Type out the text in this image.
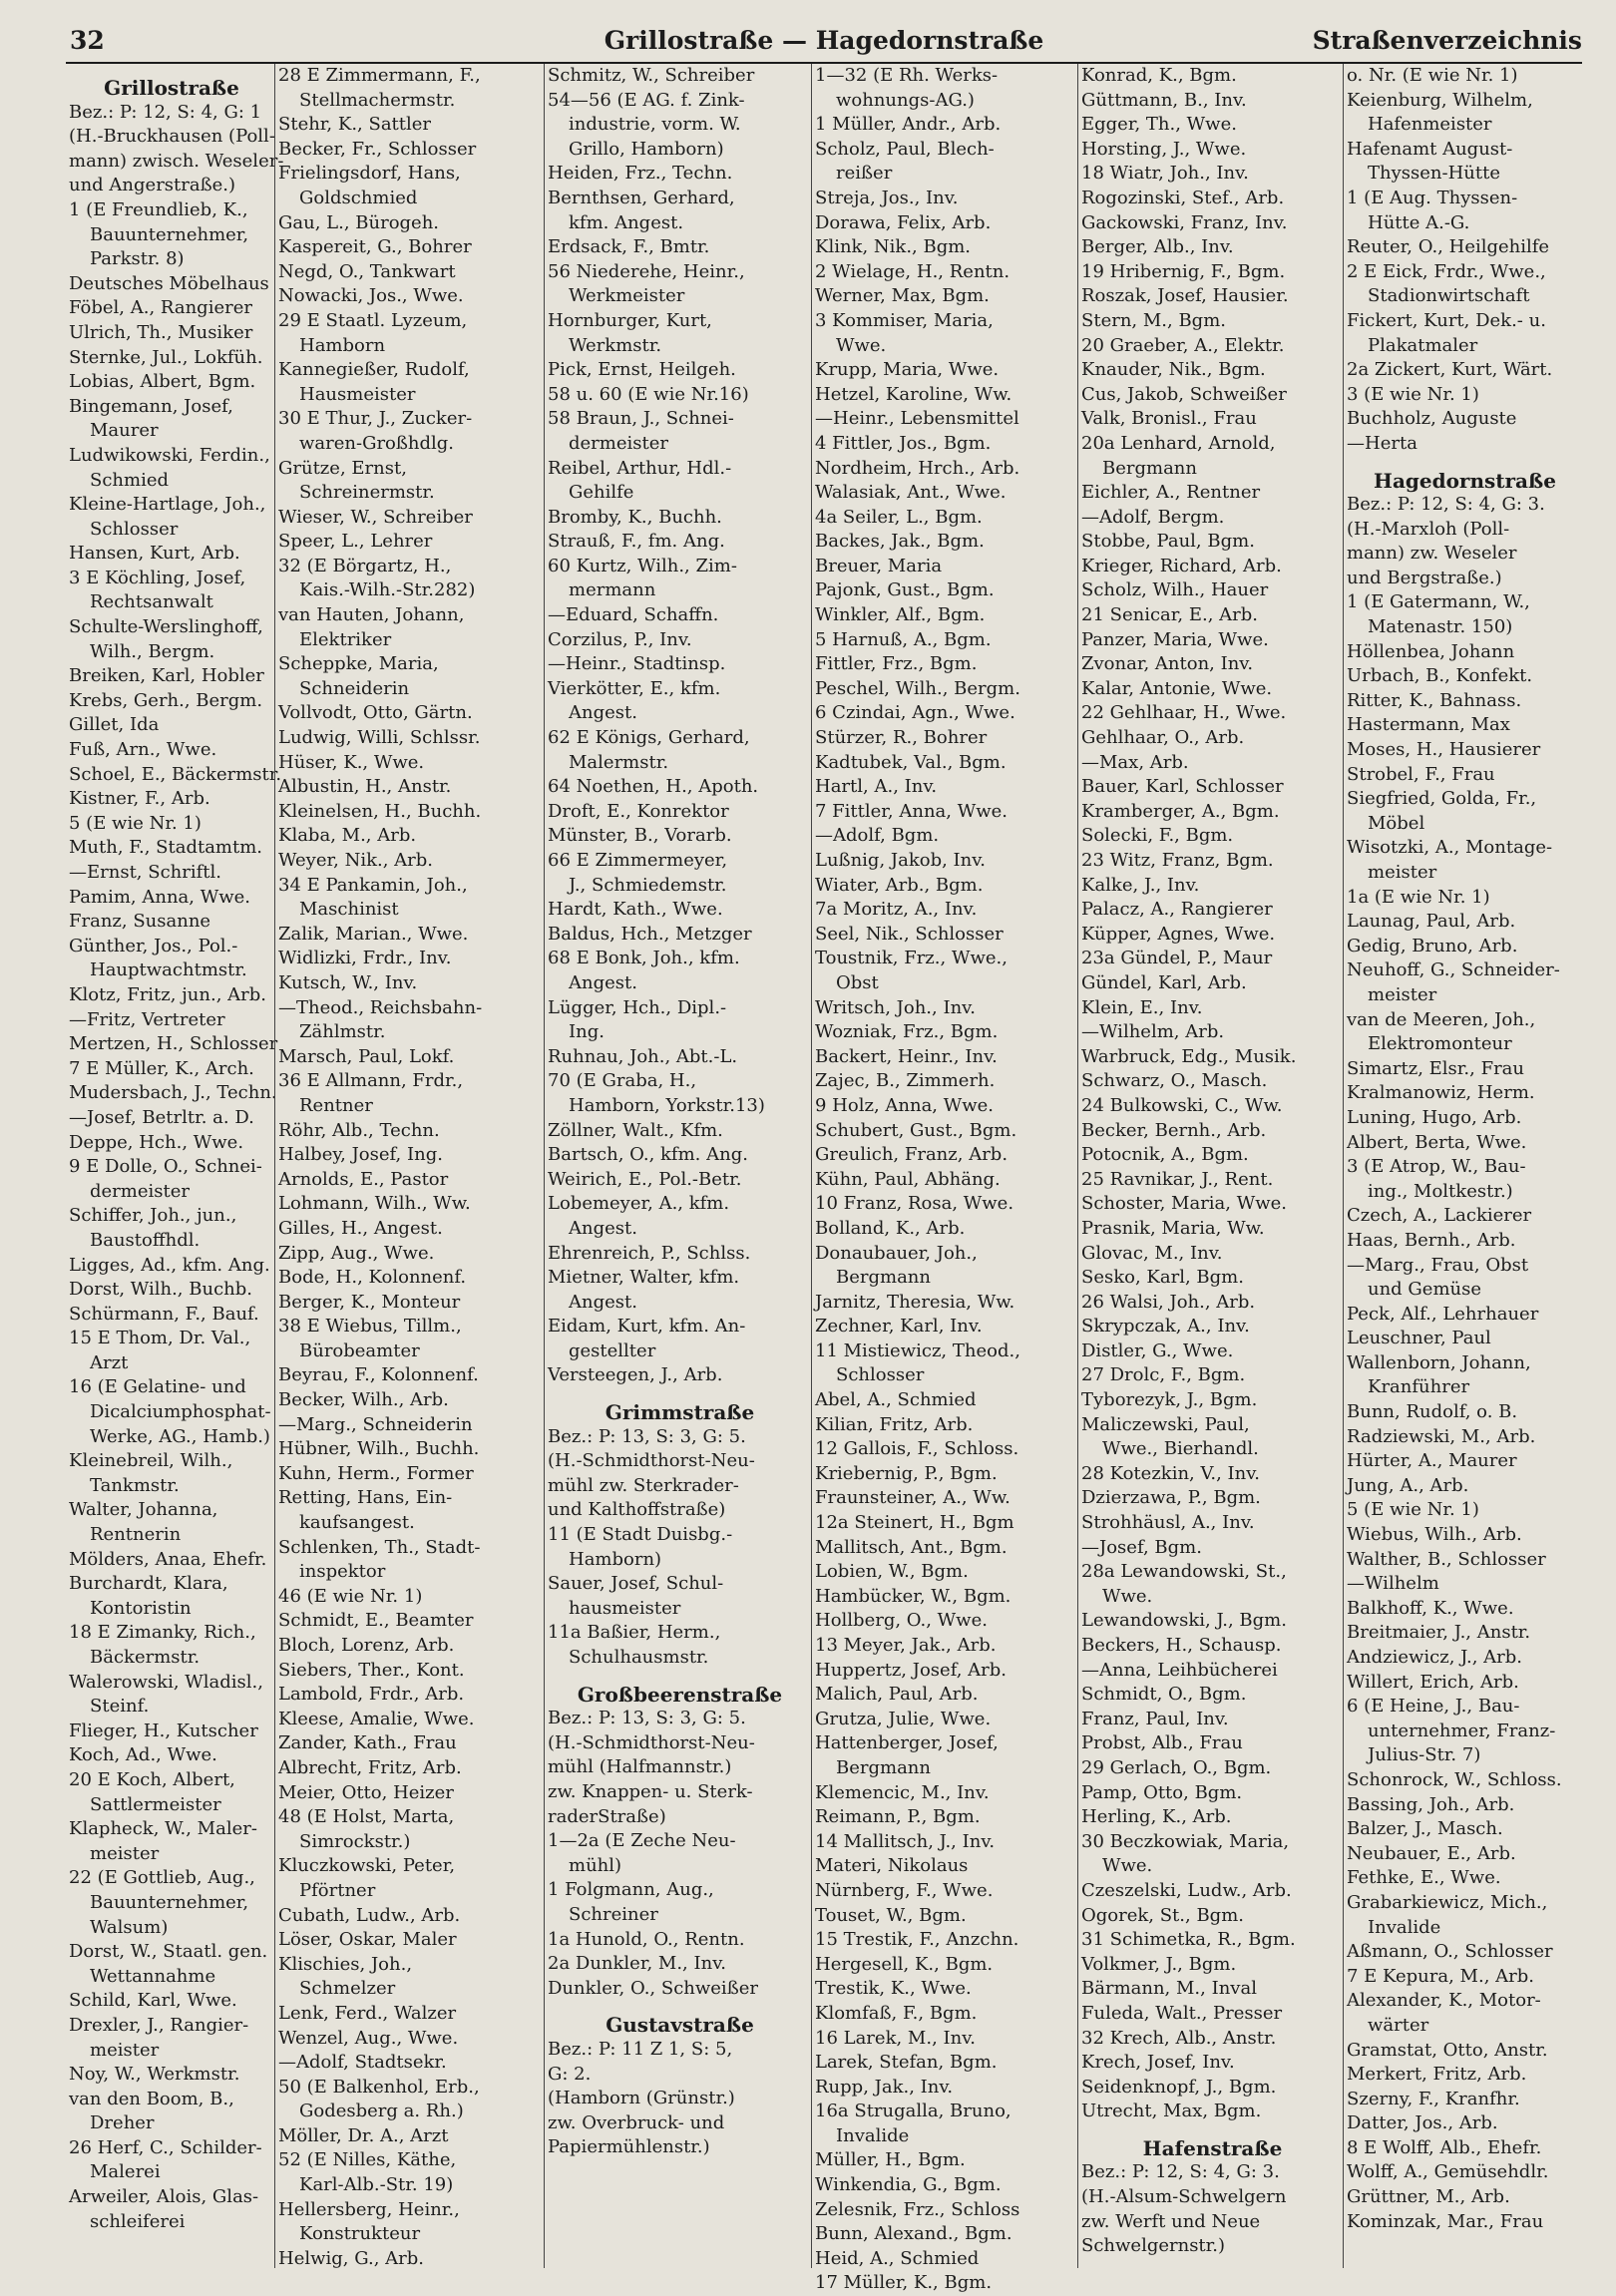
32	Grillostraße — Hagedornstraße	Straßenverzeichnis
Grillostraße
Bez.: P: 12, S: 4, G: 1
(H.-Bruckhausen (Poll-
mann) zwisch. Weseler-
und Angerstraße.)
1 (E Freundlieb, K.,
Bauunternehmer,
Parkstr. 8)
Deutsches Möbelhaus
Föbel, A., Rangierer
Ulrich, Th., Musiker
Sternke, Jul., Lokfüh.
Lobias, Albert, Bgm.
Bingemann, Josef,
Maurer
Ludwikowski, Ferdin.,
Schmied
Kleine-Hartlage, Joh.,
Schlosser
Hansen, Kurt, Arb.
3 E Köchling, Josef,
Rechtsanwalt
Schulte-Werslinghoff,
Wilh., Bergm.
Breiken, Karl, Hobler
Krebs, Gerh., Bergm.
Gillet, Ida
Fuß, Arn., Wwe.
Schoel, E., Bäckermstr.
Kistner, F., Arb.
5 (E wie Nr. 1)
Muth, F., Stadtamtm.
—Ernst, Schriftl.
Pamim, Anna, Wwe.
Franz, Susanne
Günther, Jos., Pol.-
Hauptwachtmstr.
Klotz, Fritz, jun., Arb.
—Fritz, Vertreter
Mertzen, H., Schlosser
7 E Müller, K., Arch.
Mudersbach, J., Techn.
—Josef, Betrltr. a. D.
Deppe, Hch., Wwe.
9 E Dolle, O., Schnei-
dermeister
Schiffer, Joh., jun.,
Baustoffhdl.
Ligges, Ad., kfm. Ang.
Dorst, Wilh., Buchb.
Schürmann, F., Bauf.
15 E Thom, Dr. Val.,
Arzt
16 (E Gelatine- und
Dicalciumphosphat-
Werke, AG., Hamb.)
Kleinebreil, Wilh.,
Tankmstr.
Walter, Johanna,
Rentnerin
Mölders, Anaa, Ehefr.
Burchardt, Klara,
Kontoristin
18 E Zimanky, Rich.,
Bäckermstr.
Walerowski, Wladisl.,
Steinf.
Flieger, H., Kutscher
Koch, Ad., Wwe.
20 E Koch, Albert,
Sattlermeister
Klapheck, W., Maler-
meister
22 (E Gottlieb, Aug.,
Bauunternehmer,
Walsum)
Dorst, W., Staatl. gen.
Wettannahme
Schild, Karl, Wwe.
Drexler, J., Rangier-
meister
Noy, W., Werkmstr.
van den Boom, B.,
Dreher
26 Herf, C., Schilder-
Malerei
Arweiler, Alois, Glas-
schleiferei
28 E Zimmermann, F.,
Stellmachermstr.
Stehr, K., Sattler
Becker, Fr., Schlosser
Frielingsdorf, Hans,
Goldschmied
Gau, L., Bürogeh.
Kaspereit, G., Bohrer
Negd, O., Tankwart
Nowacki, Jos., Wwe.
29 E Staatl. Lyzeum,
Hamborn
Kannegießer, Rudolf,
Hausmeister
30 E Thur, J., Zucker-
waren-Großhdlg.
Grütze, Ernst,
Schreinermstr.
Wieser, W., Schreiber
Speer, L., Lehrer
32 (E Börgartz, H.,
Kais.-Wilh.-Str.282)
van Hauten, Johann,
Elektriker
Scheppke, Maria,
Schneiderin
Vollvodt, Otto, Gärtn.
Ludwig, Willi, Schlssr.
Hüser, K., Wwe.
Albustin, H., Anstr.
Kleinelsen, H., Buchh.
Klaba, M., Arb.
Weyer, Nik., Arb.
34 E Pankamin, Joh.,
Maschinist
Zalik, Marian., Wwe.
Widlizki, Frdr., Inv.
Kutsch, W., Inv.
—Theod., Reichsbahn-
Zählmstr.
Marsch, Paul, Lokf.
36 E Allmann, Frdr.,
Rentner
Röhr, Alb., Techn.
Halbey, Josef, Ing.
Arnolds, E., Pastor
Lohmann, Wilh., Ww.
Gilles, H., Angest.
Zipp, Aug., Wwe.
Bode, H., Kolonnenf.
Berger, K., Monteur
38 E Wiebus, Tillm.,
Bürobeamter
Beyrau, F., Kolonnenf.
Becker, Wilh., Arb.
—Marg., Schneiderin
Hübner, Wilh., Buchh.
Kuhn, Herm., Former
Retting, Hans, Ein-
kaufsangest.
Schlenken, Th., Stadt-
inspektor
46 (E wie Nr. 1)
Schmidt, E., Beamter
Bloch, Lorenz, Arb.
Siebers, Ther., Kont.
Lambold, Frdr., Arb.
Kleese, Amalie, Wwe.
Zander, Kath., Frau
Albrecht, Fritz, Arb.
Meier, Otto, Heizer
48 (E Holst, Marta,
Simrockstr.)
Kluczkowski, Peter,
Pförtner
Cubath, Ludw., Arb.
Löser, Oskar, Maler
Klischies, Joh.,
Schmelzer
Lenk, Ferd., Walzer
Wenzel, Aug., Wwe.
—Adolf, Stadtsekr.
50 (E Balkenhol, Erb.,
Godesberg a. Rh.)
Möller, Dr. A., Arzt
52 (E Nilles, Käthe,
Karl-Alb.-Str. 19)
Hellersberg, Heinr.,
Konstrukteur
Helwig, G., Arb.
Schmitz, W., Schreiber
54—56 (E AG. f. Zink-
industrie, vorm. W.
Grillo, Hamborn)
Heiden, Frz., Techn.
Bernthsen, Gerhard,
kfm. Angest.
Erdsack, F., Bmtr.
56 Niederehe, Heinr.,
Werkmeister
Hornburger, Kurt,
Werkmstr.
Pick, Ernst, Heilgeh.
58 u. 60 (E wie Nr.16)
58 Braun, J., Schnei-
dermeister
Reibel, Arthur, Hdl.-
Gehilfe
Bromby, K., Buchh.
Strauß, F., fm. Ang.
60 Kurtz, Wilh., Zim-
mermann
—Eduard, Schaffn.
Corzilus, P., Inv.
—Heinr., Stadtinsp.
Vierkötter, E., kfm.
Angest.
62 E Königs, Gerhard,
Malermstr.
64 Noethen, H., Apoth.
Droft, E., Konrektor
Münster, B., Vorarb.
66 E Zimmermeyer,
J., Schmiedemstr.
Hardt, Kath., Wwe.
Baldus, Hch., Metzger
68 E Bonk, Joh., kfm.
Angest.
Lügger, Hch., Dipl.-
Ing.
Ruhnau, Joh., Abt.-L.
70 (E Graba, H.,
Hamborn, Yorkstr.13)
Zöllner, Walt., Kfm.
Bartsch, O., kfm. Ang.
Weirich, E., Pol.-Betr.
Lobemeyer, A., kfm.
Angest.
Ehrenreich, P., Schlss.
Mietner, Walter, kfm.
Angest.
Eidam, Kurt, kfm. An-
gestellter
Versteegen, J., Arb.
Grimmstraße
Bez.: P: 13, S: 3, G: 5.
(H.-Schmidthorst-Neu-
mühl zw. Sterkrader-
und Kalthoffstraße)
11 (E Stadt Duisbg.-
Hamborn)
Sauer, Josef, Schul-
hausmeister
11a Baßier, Herm.,
Schulhausmstr.
Großbeerenstraße
Bez.: P: 13, S: 3, G: 5.
(H.-Schmidthorst-Neu-
mühl (Halfmannstr.)
zw. Knappen- u. Sterk-
raderStraße)
1—2a (E Zeche Neu-
mühl)
1 Folgmann, Aug.,
Schreiner
1a Hunold, O., Rentn.
2a Dunkler, M., Inv.
Dunkler, O., Schweißer
Gustavstraße
Bez.: P: 11 Z 1, S: 5,
G: 2.
(Hamborn (Grünstr.)
zw. Overbruck- und
Papiermühlenstr.)
1—32 (E Rh. Werks-
wohnungs-AG.)
1 Müller, Andr., Arb.
Scholz, Paul, Blech-
reißer
Streja, Jos., Inv.
Dorawa, Felix, Arb.
Klink, Nik., Bgm.
2 Wielage, H., Rentn.
Werner, Max, Bgm.
3 Kommiser, Maria,
Wwe.
Krupp, Maria, Wwe.
Hetzel, Karoline, Ww.
—Heinr., Lebensmittel
4 Fittler, Jos., Bgm.
Nordheim, Hrch., Arb.
Walasiak, Ant., Wwe.
4a Seiler, L., Bgm.
Backes, Jak., Bgm.
Breuer, Maria
Pajonk, Gust., Bgm.
Winkler, Alf., Bgm.
5 Harnuß, A., Bgm.
Fittler, Frz., Bgm.
Peschel, Wilh., Bergm.
6 Czindai, Agn., Wwe.
Stürzer, R., Bohrer
Kadtubek, Val., Bgm.
Hartl, A., Inv.
7 Fittler, Anna, Wwe.
—Adolf, Bgm.
Lußnig, Jakob, Inv.
Wiater, Arb., Bgm.
7a Moritz, A., Inv.
Seel, Nik., Schlosser
Toustnik, Frz., Wwe.,
Obst
Writsch, Joh., Inv.
Wozniak, Frz., Bgm.
Backert, Heinr., Inv.
Zajec, B., Zimmerh.
9 Holz, Anna, Wwe.
Schubert, Gust., Bgm.
Greulich, Franz, Arb.
Kühn, Paul, Abhäng.
10 Franz, Rosa, Wwe.
Bolland, K., Arb.
Donaubauer, Joh.,
Bergmann
Jarnitz, Theresia, Ww.
Zechner, Karl, Inv.
11 Mistiewicz, Theod.,
Schlosser
Abel, A., Schmied
Kilian, Fritz, Arb.
12 Gallois, F., Schloss.
Kriebernig, P., Bgm.
Fraunsteiner, A., Ww.
12a Steinert, H., Bgm
Mallitsch, Ant., Bgm.
Lobien, W., Bgm.
Hambücker, W., Bgm.
Hollberg, O., Wwe.
13 Meyer, Jak., Arb.
Huppertz, Josef, Arb.
Malich, Paul, Arb.
Grutza, Julie, Wwe.
Hattenberger, Josef,
Bergmann
Klemencic, M., Inv.
Reimann, P., Bgm.
14 Mallitsch, J., Inv.
Materi, Nikolaus
Nürnberg, F., Wwe.
Touset, W., Bgm.
15 Trestik, F., Anzchn.
Hergesell, K., Bgm.
Trestik, K., Wwe.
Klomfaß, F., Bgm.
16 Larek, M., Inv.
Larek, Stefan, Bgm.
Rupp, Jak., Inv.
16a Strugalla, Bruno,
Invalide
Müller, H., Bgm.
Winkendia, G., Bgm.
Zelesnik, Frz., Schloss
Bunn, Alexand., Bgm.
Heid, A., Schmied
17 Müller, K., Bgm.
Konrad, K., Bgm.
Güttmann, B., Inv.
Egger, Th., Wwe.
Horsting, J., Wwe.
18 Wiatr, Joh., Inv.
Rogozinski, Stef., Arb.
Gackowski, Franz, Inv.
Berger, Alb., Inv.
19 Hribernig, F., Bgm.
Roszak, Josef, Hausier.
Stern, M., Bgm.
20 Graeber, A., Elektr.
Knauder, Nik., Bgm.
Cus, Jakob, Schweißer
Valk, Bronisl., Frau
20a Lenhard, Arnold,
Bergmann
Eichler, A., Rentner
—Adolf, Bergm.
Stobbe, Paul, Bgm.
Krieger, Richard, Arb.
Scholz, Wilh., Hauer
21 Senicar, E., Arb.
Panzer, Maria, Wwe.
Zvonar, Anton, Inv.
Kalar, Antonie, Wwe.
22 Gehlhaar, H., Wwe.
Gehlhaar, O., Arb.
—Max, Arb.
Bauer, Karl, Schlosser
Kramberger, A., Bgm.
Solecki, F., Bgm.
23 Witz, Franz, Bgm.
Kalke, J., Inv.
Palacz, A., Rangierer
Küpper, Agnes, Wwe.
23a Gündel, P., Maur
Gündel, Karl, Arb.
Klein, E., Inv.
—Wilhelm, Arb.
Warbruck, Edg., Musik.
Schwarz, O., Masch.
24 Bulkowski, C., Ww.
Becker, Bernh., Arb.
Potocnik, A., Bgm.
25 Ravnikar, J., Rent.
Schoster, Maria, Wwe.
Prasnik, Maria, Ww.
Glovac, M., Inv.
Sesko, Karl, Bgm.
26 Walsi, Joh., Arb.
Skrypczak, A., Inv.
Distler, G., Wwe.
27 Drolc, F., Bgm.
Tyborezyk, J., Bgm.
Maliczewski, Paul,
Wwe., Bierhandl.
28 Kotezkin, V., Inv.
Dzierzawa, P., Bgm.
Strohhäusl, A., Inv.
—Josef, Bgm.
28a Lewandowski, St.,
Wwe.
Lewandowski, J., Bgm.
Beckers, H., Schausp.
—Anna, Leihbücherei
Schmidt, O., Bgm.
Franz, Paul, Inv.
Probst, Alb., Frau
29 Gerlach, O., Bgm.
Pamp, Otto, Bgm.
Herling, K., Arb.
30 Beczkowiak, Maria,
Wwe.
Czeszelski, Ludw., Arb.
Ogorek, St., Bgm.
31 Schimetka, R., Bgm.
Volkmer, J., Bgm.
Bärmann, M., Inval
Fuleda, Walt., Presser
32 Krech, Alb., Anstr.
Krech, Josef, Inv.
Seidenknopf, J., Bgm.
Utrecht, Max, Bgm.
Hafenstraße
Bez.: P: 12, S: 4, G: 3.
(H.-Alsum-Schwelgern
zw. Werft und Neue
Schwelgernstr.)
o. Nr. (E wie Nr. 1)
Keienburg, Wilhelm,
Hafenmeister
Hafenamt August-
Thyssen-Hütte
1 (E Aug. Thyssen-
Hütte A.-G.
Reuter, O., Heilgehilfe
2 E Eick, Frdr., Wwe.,
Stadionwirtschaft
Fickert, Kurt, Dek.- u.
Plakatmaler
2a Zickert, Kurt, Wärt.
3 (E wie Nr. 1)
Buchholz, Auguste
—Herta
Hagedornstraße
Bez.: P: 12, S: 4, G: 3.
(H.-Marxloh (Poll-
mann) zw. Weseler
und Bergstraße.)
1 (E Gatermann, W.,
Matenastr. 150)
Höllenbea, Johann
Urbach, B., Konfekt.
Ritter, K., Bahnass.
Hastermann, Max
Moses, H., Hausierer
Strobel, F., Frau
Siegfried, Golda, Fr.,
Möbel
Wisotzki, A., Montage-
meister
1a (E wie Nr. 1)
Launag, Paul, Arb.
Gedig, Bruno, Arb.
Neuhoff, G., Schneider-
meister
van de Meeren, Joh.,
Elektromonteur
Simartz, Elsr., Frau
Kralmanowiz, Herm.
Luning, Hugo, Arb.
Albert, Berta, Wwe.
3 (E Atrop, W., Bau-
ing., Moltkestr.)
Czech, A., Lackierer
Haas, Bernh., Arb.
—Marg., Frau, Obst
und Gemüse
Peck, Alf., Lehrhauer
Leuschner, Paul
Wallenborn, Johann,
Kranführer
Bunn, Rudolf, o. B.
Radziewski, M., Arb.
Hürter, A., Maurer
Jung, A., Arb.
5 (E wie Nr. 1)
Wiebus, Wilh., Arb.
Walther, B., Schlosser
—Wilhelm
Balkhoff, K., Wwe.
Breitmaier, J., Anstr.
Andziewicz, J., Arb.
Willert, Erich, Arb.
6 (E Heine, J., Bau-
unternehmer, Franz-
Julius-Str. 7)
Schonrock, W., Schloss.
Bassing, Joh., Arb.
Balzer, J., Masch.
Neubauer, E., Arb.
Fethke, E., Wwe.
Grabarkiewicz, Mich.,
Invalide
Aßmann, O., Schlosser
7 E Kepura, M., Arb.
Alexander, K., Motor-
wärter
Gramstat, Otto, Anstr.
Merkert, Fritz, Arb.
Szerny, F., Kranfhr.
Datter, Jos., Arb.
8 E Wolff, Alb., Ehefr.
Wolff, A., Gemüsehdlr.
Grüttner, M., Arb.
Kominzak, Mar., Frau
